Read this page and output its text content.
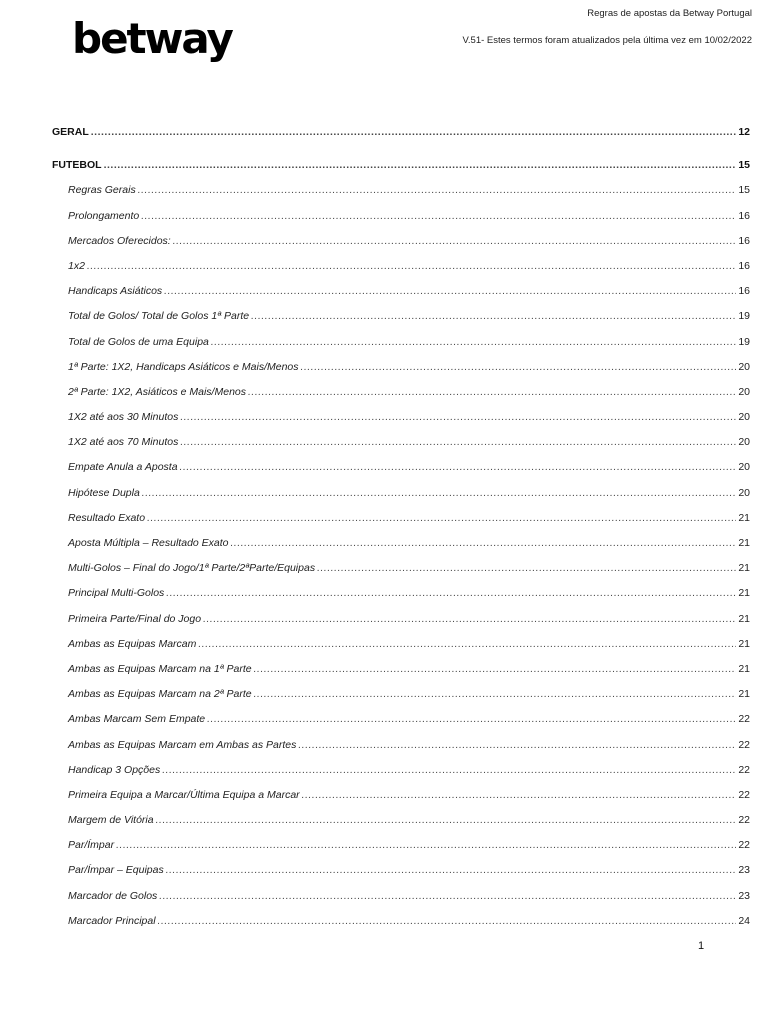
betway
Regras de apostas da Betway Portugal
V.51- Estes termos foram atualizados pela última vez em 10/02/2022
GERAL .....	12
FUTEBOL .....	15
Regras Gerais .....	15
Prolongamento .....	16
Mercados Oferecidos: .....	16
1x2 .....	16
Handicaps Asiáticos .....	16
Total de Golos/ Total de Golos 1ª Parte .....	19
Total de Golos de uma Equipa .....	19
1ª Parte: 1X2, Handicaps Asiáticos e Mais/Menos .....	20
2ª Parte: 1X2, Asiáticos e Mais/Menos .....	20
1X2 até aos 30 Minutos .....	20
1X2 até aos 70 Minutos .....	20
Empate Anula a Aposta .....	20
Hipótese Dupla .....	20
Resultado Exato .....	21
Aposta Múltipla – Resultado Exato .....	21
Multi-Golos – Final do Jogo/1ª Parte/2ªParte/Equipas .....	21
Principal Multi-Golos .....	21
Primeira Parte/Final do Jogo .....	21
Ambas as Equipas Marcam .....	21
Ambas as Equipas Marcam na 1ª Parte .....	21
Ambas as Equipas Marcam na 2ª Parte .....	21
Ambas Marcam Sem Empate .....	22
Ambas as Equipas Marcam em Ambas as Partes .....	22
Handicap 3 Opções .....	22
Primeira Equipa a Marcar/Última Equipa a Marcar .....	22
Margem de Vitória .....	22
Par/Ímpar .....	22
Par/Ímpar – Equipas .....	23
Marcador de Golos .....	23
Marcador Principal .....	24
1
